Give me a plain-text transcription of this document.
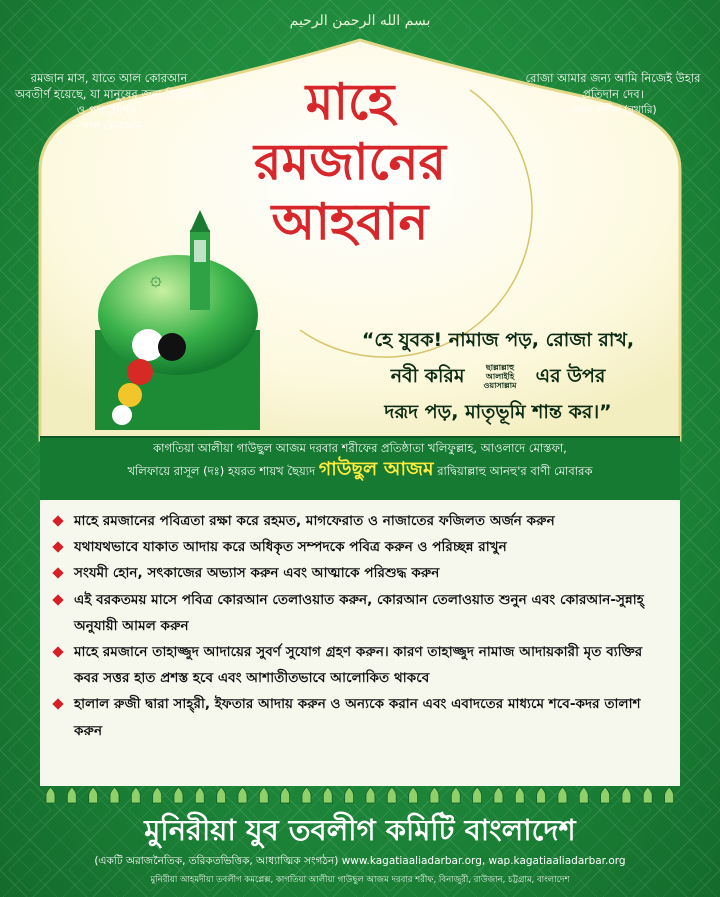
۞
بسم الله الرحمن الرحيم
রমজান মাস, যাতে আল কোরআন অবতীর্ণ হয়েছে, যা মানুষের জন্য হিদায়াত ও পথ প্রদর্শক।
-আল কোরআন
রোজা আমার জন্য আমি নিজেই উহার প্রতিদান দেব।
-আল হাদীস (বুখারি)
মাহে
রমজানের
আহবান
“হে যুবক! নামাজ পড়, রোজা রাখ,
নবী করিম	ছাল্লাল্লাহু আলাইহি ওয়াসাল্লাম এর উপর
দরূদ পড়, মাতৃভূমি শান্ত কর।”
কাগতিয়া আলীয়া গাউছুল আজম দরবার শরীফের প্রতিষ্ঠাতা খলিফুল্লাহ, আওলাদে মোস্তফা,
খলিফায়ে রাসূল (দঃ) হযরত শায়খ ছৈয়্যদ গাউছুল আজম রাদ্বিয়াল্লাহু আনহু'র বাণী মোবারক
মাহে রমজানের পবিত্রতা রক্ষা করে রহমত, মাগফেরাত ও নাজাতের ফজিলত অর্জন করুন
যথাযথভাবে যাকাত আদায় করে অধিকৃত সম্পদকে পবিত্র করুন ও পরিচ্ছন্ন রাখুন
সংযমী হোন, সৎকাজের অভ্যাস করুন এবং আত্মাকে পরিশুদ্ধ করুন
এই বরকতময় মাসে পবিত্র কোরআন তেলাওয়াত করুন, কোরআন তেলাওয়াত শুনুন এবং কোরআন-সুন্নাহ্ অনুযায়ী আমল করুন
মাহে রমজানে তাহাজ্জুদ আদায়ের সুবর্ণ সুযোগ গ্রহণ করুন। কারণ তাহাজ্জুদ নামাজ আদায়কারী মৃত ব্যক্তির কবর সত্তর হাত প্রশস্ত হবে এবং আশাতীতভাবে আলোকিত থাকবে
হালাল রুজী দ্বারা সাহ্‌রী, ইফতার আদায় করুন ও অন্যকে করান এবং এবাদতের মাধ্যমে শবে-কদর তালাশ করুন
মুনিরীয়া যুব তবলীগ কমিটি বাংলাদেশ
(একটি অরাজনৈতিক, তরিকতভিত্তিক, আধ্যাত্মিক সংগঠন) www.kagatiaaliadarbar.org, wap.kagatiaaliadarbar.org
মুনিরীয়া আহমদীয়া তবলীগ কমপ্লেক্স, কাগতিয়া আলীয়া গাউছুল আজম দরবার শরীফ, বিনাজুরী, রাউজান, চট্টগ্রাম, বাংলাদেশ
